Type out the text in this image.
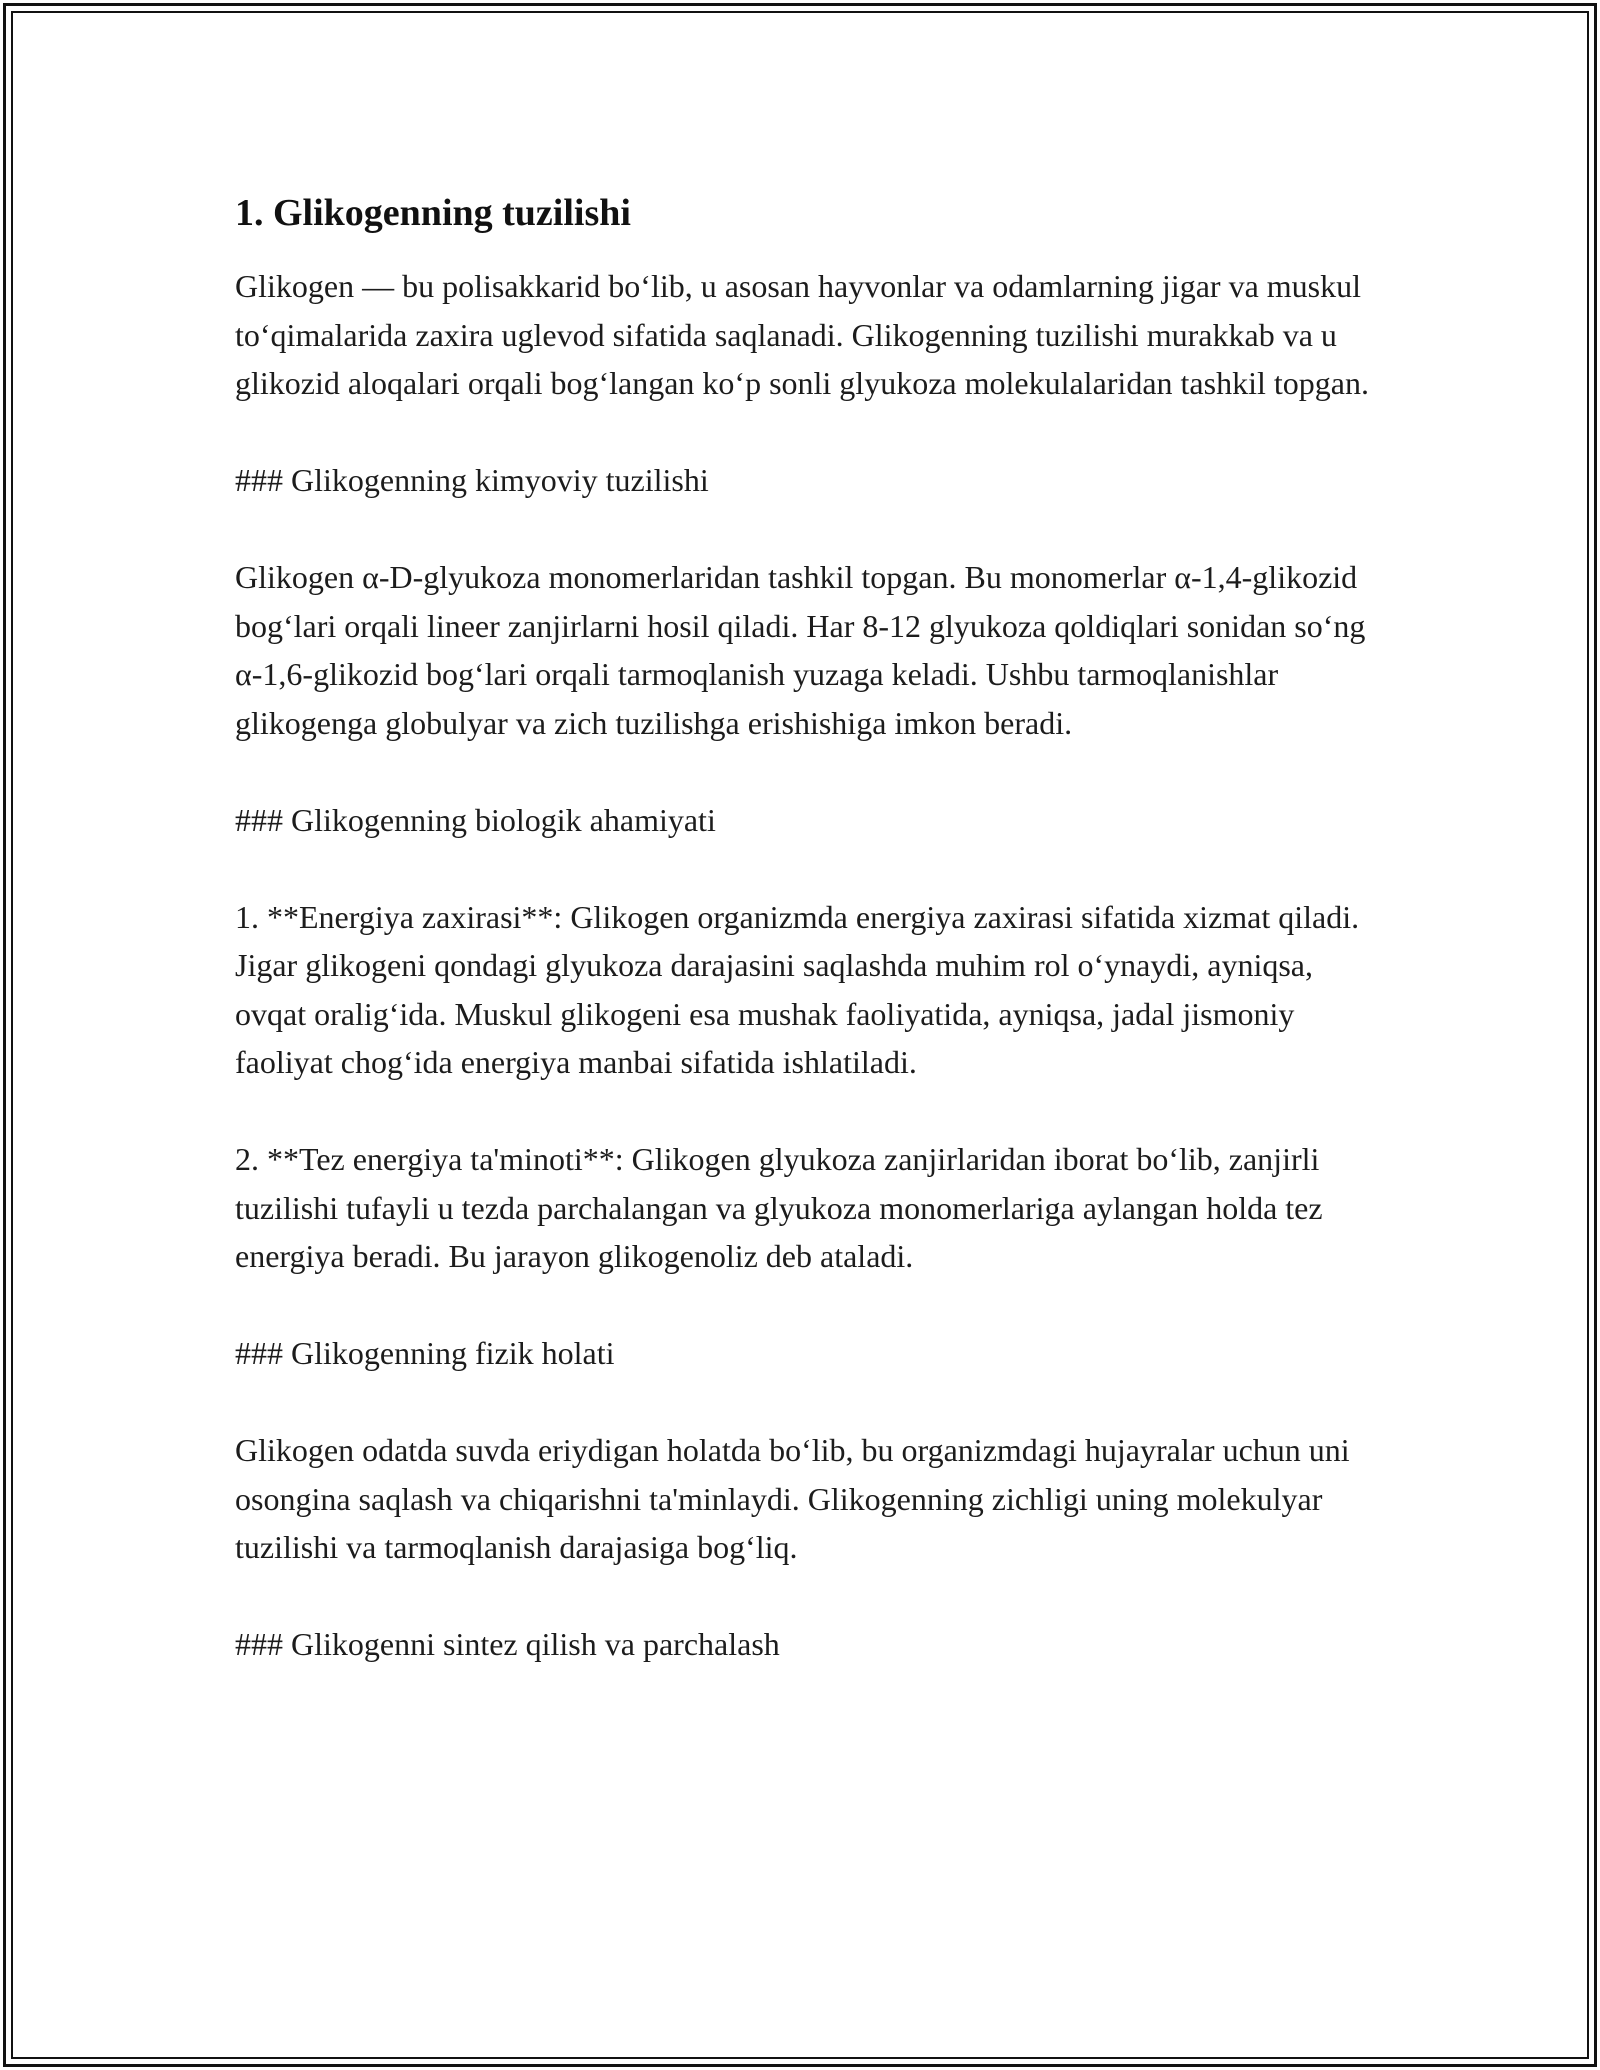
1. Glikogenning tuzilishi

Glikogen — bu polisakkarid bo‘lib, u asosan hayvonlar va odamlarning jigar va muskul to‘qimalarida zaxira uglevod sifatida saqlanadi. Glikogenning tuzilishi murakkab va u glikozid aloqalari orqali bog‘langan ko‘p sonli glyukoza molekulalaridan tashkil topgan.

### Glikogenning kimyoviy tuzilishi

Glikogen α-D-glyukoza monomerlaridan tashkil topgan. Bu monomerlar α-1,4-glikozid bog‘lari orqali lineer zanjirlarni hosil qiladi. Har 8-12 glyukoza qoldiqlari sonidan so‘ng α-1,6-glikozid bog‘lari orqali tarmoqlanish yuzaga keladi. Ushbu tarmoqlanishlar glikogenga globulyar va zich tuzilishga erishishiga imkon beradi.

### Glikogenning biologik ahamiyati

1. **Energiya zaxirasi**: Glikogen organizmda energiya zaxirasi sifatida xizmat qiladi. Jigar glikogeni qondagi glyukoza darajasini saqlashda muhim rol o‘ynaydi, ayniqsa, ovqat oralig‘ida. Muskul glikogeni esa mushak faoliyatida, ayniqsa, jadal jismoniy faoliyat chog‘ida energiya manbai sifatida ishlatiladi.

2. **Tez energiya ta'minoti**: Glikogen glyukoza zanjirlaridan iborat bo‘lib, zanjirli tuzilishi tufayli u tezda parchalangan va glyukoza monomerlariga aylangan holda tez energiya beradi. Bu jarayon glikogenoliz deb ataladi.

### Glikogenning fizik holati

Glikogen odatda suvda eriydigan holatda bo‘lib, bu organizmdagi hujayralar uchun uni osongina saqlash va chiqarishni ta'minlaydi. Glikogenning zichligi uning molekulyar tuzilishi va tarmoqlanish darajasiga bog‘liq.

### Glikogenni sintez qilish va parchalash
